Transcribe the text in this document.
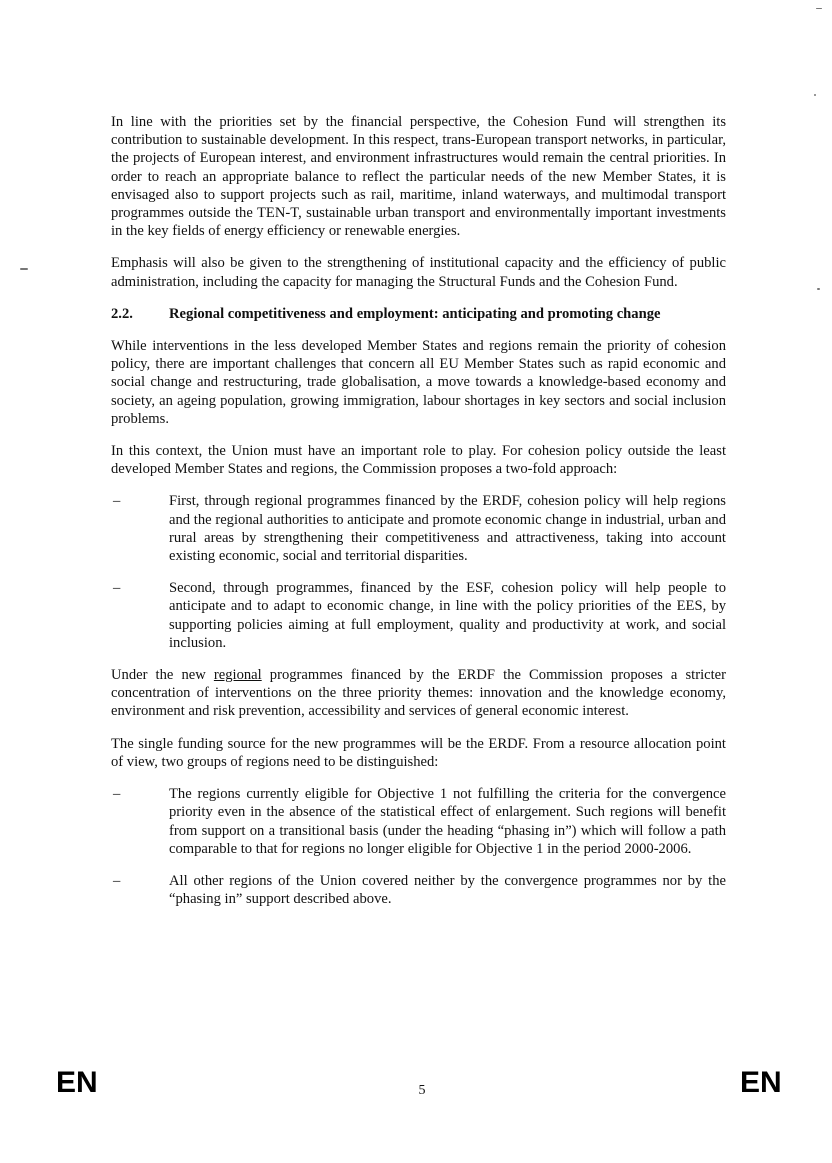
In line with the priorities set by the financial perspective, the Cohesion Fund will strengthen its contribution to sustainable development. In this respect, trans-European transport networks, in particular, the projects of European interest, and environment infrastructures would remain the central priorities. In order to reach an appropriate balance to reflect the particular needs of the new Member States, it is envisaged also to support projects such as rail, maritime, inland waterways, and multimodal transport programmes outside the TEN-T, sustainable urban transport and environmentally important investments in the key fields of energy efficiency or renewable energies.

Emphasis will also be given to the strengthening of institutional capacity and the efficiency of public administration, including the capacity for managing the Structural Funds and the Cohesion Fund.

2.2.	Regional competitiveness and employment: anticipating and promoting change

While interventions in the less developed Member States and regions remain the priority of cohesion policy, there are important challenges that concern all EU Member States such as rapid economic and social change and restructuring, trade globalisation, a move towards a knowledge-based economy and society, an ageing population, growing immigration, labour shortages in key sectors and social inclusion problems.

In this context, the Union must have an important role to play. For cohesion policy outside the least developed Member States and regions, the Commission proposes a two-fold approach:

–	First, through regional programmes financed by the ERDF, cohesion policy will help regions and the regional authorities to anticipate and promote economic change in industrial, urban and rural areas by strengthening their competitiveness and attractiveness, taking into account existing economic, social and territorial disparities.
–	Second, through programmes, financed by the ESF, cohesion policy will help people to anticipate and to adapt to economic change, in line with the policy priorities of the EES, by supporting policies aiming at full employment, quality and productivity at work, and social inclusion.

Under the new regional programmes financed by the ERDF the Commission proposes a stricter concentration of interventions on the three priority themes: innovation and the knowledge economy, environment and risk prevention, accessibility and services of general economic interest.

The single funding source for the new programmes will be the ERDF. From a resource allocation point of view, two groups of regions need to be distinguished:

–	The regions currently eligible for Objective 1 not fulfilling the criteria for the convergence priority even in the absence of the statistical effect of enlargement. Such regions will benefit from support on a transitional basis (under the heading “phasing in”) which will follow a path comparable to that for regions no longer eligible for Objective 1 in the period 2000-2006.
–	All other regions of the Union covered neither by the convergence programmes nor by the “phasing in” support described above.
EN	5	EN
